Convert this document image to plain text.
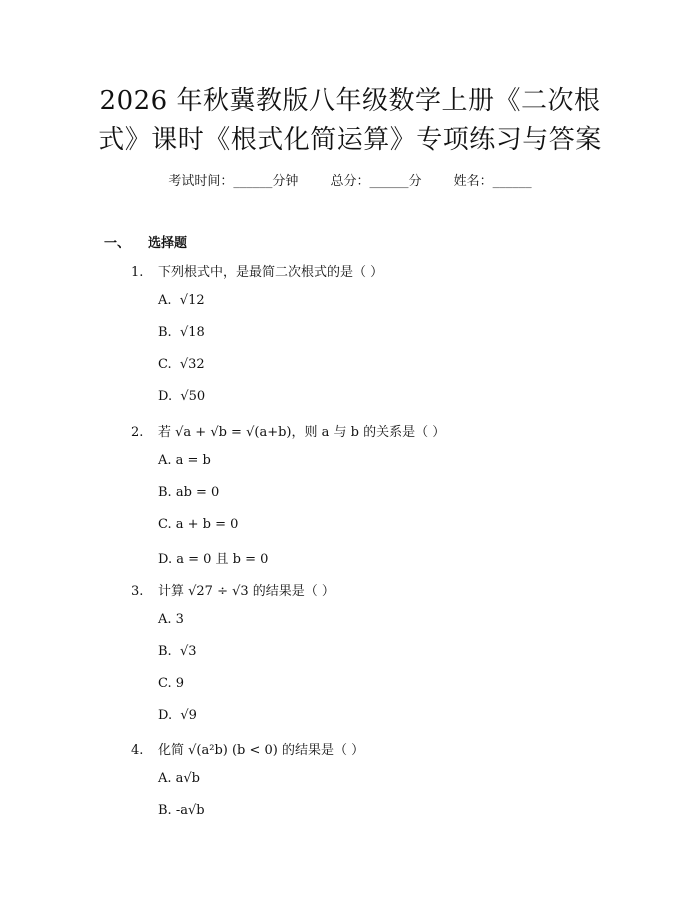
2026 年秋冀教版八年级数学上册《二次根
式》课时《根式化简运算》专项练习与答案
考试时间：______分钟 总分：______分 姓名：______
一、 选择题
1. 下列根式中，是最简二次根式的是（ ）
A.  √12
B.  √18
C.  √32
D.  √50
2. 若 √a + √b = √(a+b)，则 a 与 b 的关系是（ ）
A. a = b
B. ab = 0
C. a + b = 0
D. a = 0 且 b = 0
3. 计算 √27 ÷ √3 的结果是（ ）
A. 3
B.  √3
C. 9
D.  √9
4. 化简 √(a²b) (b < 0) 的结果是（ ）
A. a√b
B. -a√b
